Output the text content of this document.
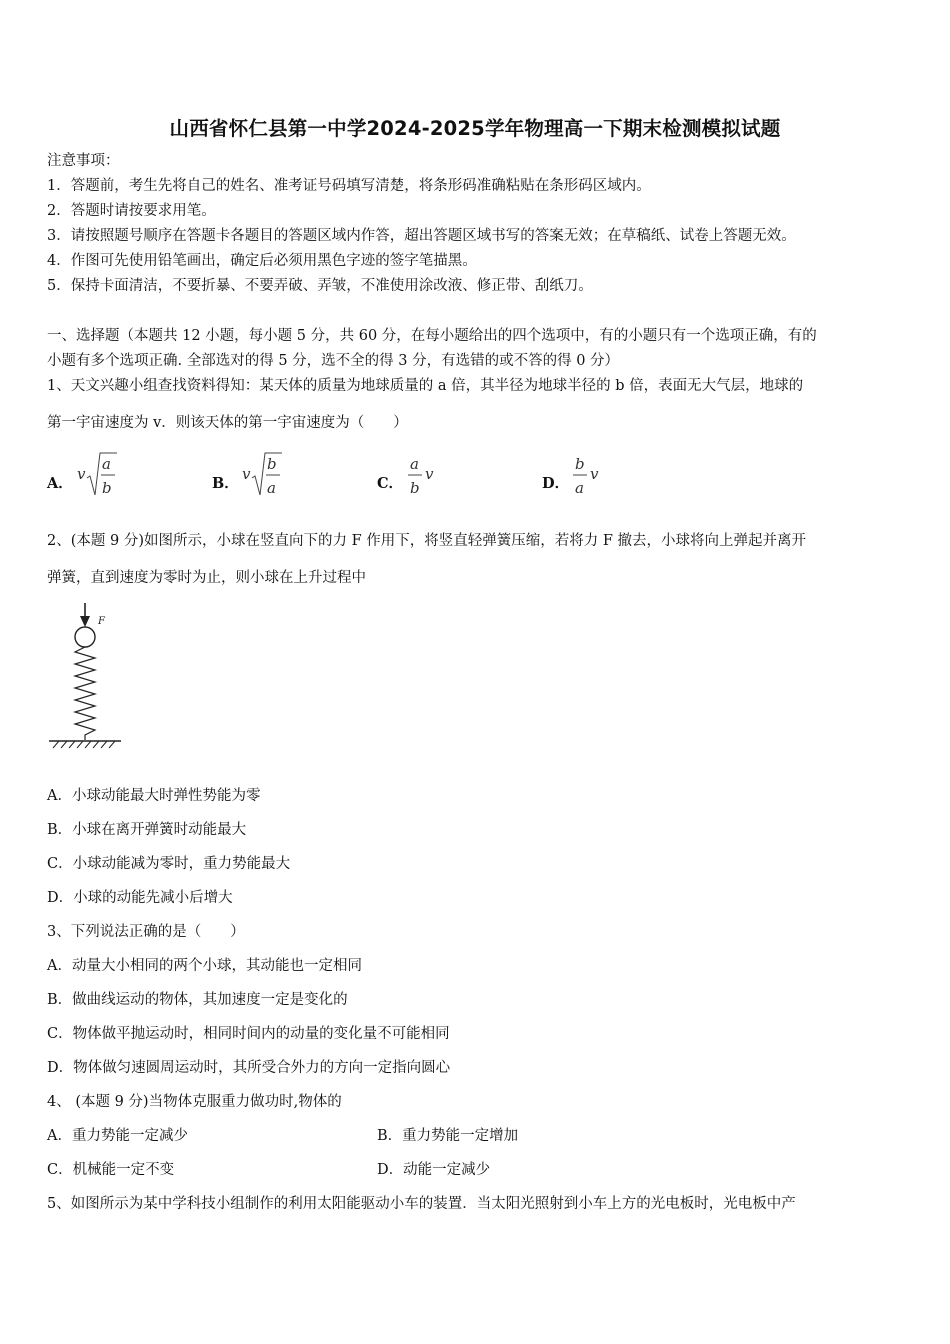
山西省怀仁县第一中学2024-2025学年物理高一下期末检测模拟试题
注意事项：
1．答题前，考生先将自己的姓名、准考证号码填写清楚，将条形码准确粘贴在条形码区域内。
2．答题时请按要求用笔。
3．请按照题号顺序在答题卡各题目的答题区域内作答，超出答题区域书写的答案无效；在草稿纸、试卷上答题无效。
4．作图可先使用铅笔画出，确定后必须用黑色字迹的签字笔描黑。
5．保持卡面清洁，不要折暴、不要弄破、弄皱，不准使用涂改液、修正带、刮纸刀。
一、选择题（本题共 12 小题，每小题 5 分，共 60 分，在每小题给出的四个选项中，有的小题只有一个选项正确，有的
小题有多个选项正确. 全部选对的得 5 分，选不全的得 3 分，有选错的或不答的得 0 分）
1、天文兴趣小组查找资料得知：某天体的质量为地球质量的 a 倍，其半径为地球半径的 b 倍，表面无大气层，地球的
第一宇宙速度为 v．则该天体的第一宇宙速度为（　　）
A．
v
a
b	B．
v
b
a	C．
a
b
v
D．
b
a
v
2、(本题 9 分)如图所示，小球在竖直向下的力 F 作用下，将竖直轻弹簧压缩，若将力 F 撤去，小球将向上弹起并离开
弹簧，直到速度为零时为止，则小球在上升过程中
F
A．小球动能最大时弹性势能为零
B．小球在离开弹簧时动能最大
C．小球动能减为零时，重力势能最大
D．小球的动能先减小后增大
3、下列说法正确的是（　　）
A．动量大小相同的两个小球，其动能也一定相同
B．做曲线运动的物体，其加速度一定是变化的
C．物体做平抛运动时，相同时间内的动量的变化量不可能相同
D．物体做匀速圆周运动时，其所受合外力的方向一定指向圆心
4、 (本题 9 分)当物体克服重力做功时,物体的
A．重力势能一定减少	B．重力势能一定增加
C．机械能一定不变	D．动能一定减少
5、如图所示为某中学科技小组制作的利用太阳能驱动小车的装置．当太阳光照射到小车上方的光电板时，光电板中产
